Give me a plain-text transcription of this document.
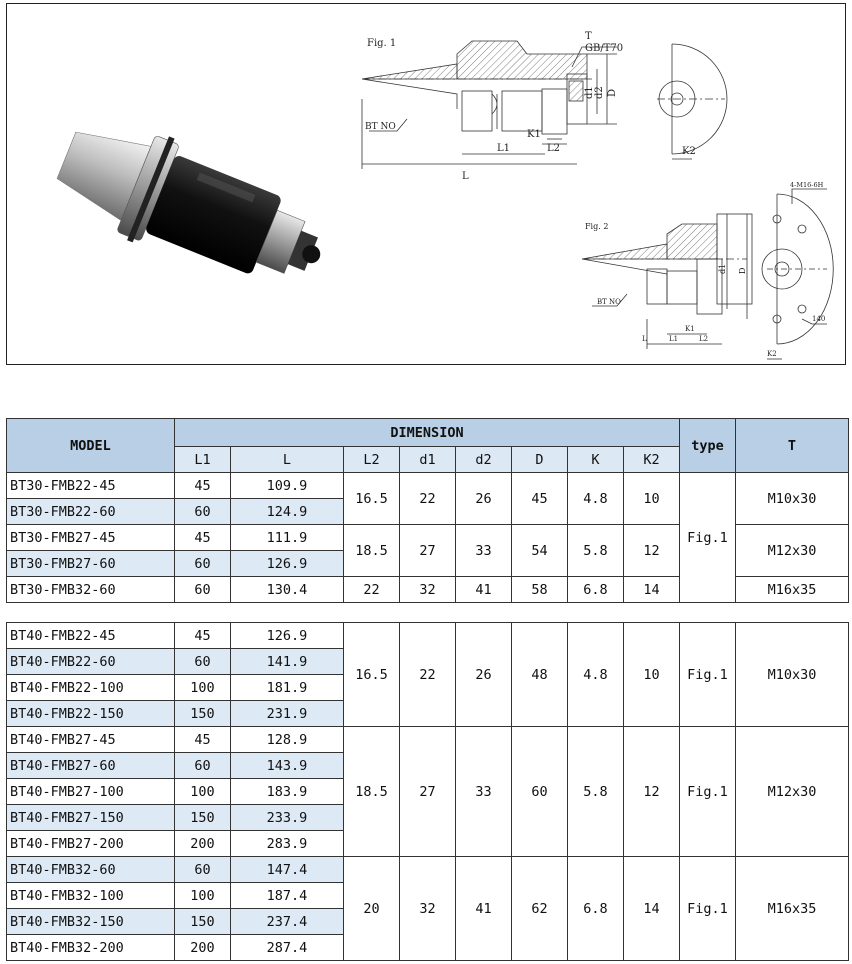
Fig. 1
BT NO
T
GB/T70
L
L1	L2
K1
d1 d2 D
K2
Fig. 2
BT NO
L	L1	L2
K1
d1 D
4-M16-6H
140
K2
MODEL	DIMENSION								type	T
	L1	L	L2	d1	d2	D	K	K2		
BT30-FMB22-45	45	109.9	16.5	22	26	45	4.8	10	Fig.1	M10x30
BT30-FMB22-60	60	124.9								
BT30-FMB27-45	45	111.9	18.5	27	33	54	5.8	12		M12x30
BT30-FMB27-60	60	126.9								
BT30-FMB32-60	60	130.4	22	32	41	58	6.8	14		M16x35
BT40-FMB22-45	45	126.9	16.5	22	26	48	4.8	10	Fig.1	M10x30
BT40-FMB22-60	60	141.9								
BT40-FMB22-100	100	181.9								
BT40-FMB22-150	150	231.9								
BT40-FMB27-45	45	128.9	18.5	27	33	60	5.8	12	Fig.1	M12x30
BT40-FMB27-60	60	143.9								
BT40-FMB27-100	100	183.9								
BT40-FMB27-150	150	233.9								
BT40-FMB27-200	200	283.9								
BT40-FMB32-60	60	147.4	20	32	41	62	6.8	14	Fig.1	M16x35
BT40-FMB32-100	100	187.4								
BT40-FMB32-150	150	237.4								
BT40-FMB32-200	200	287.4								
